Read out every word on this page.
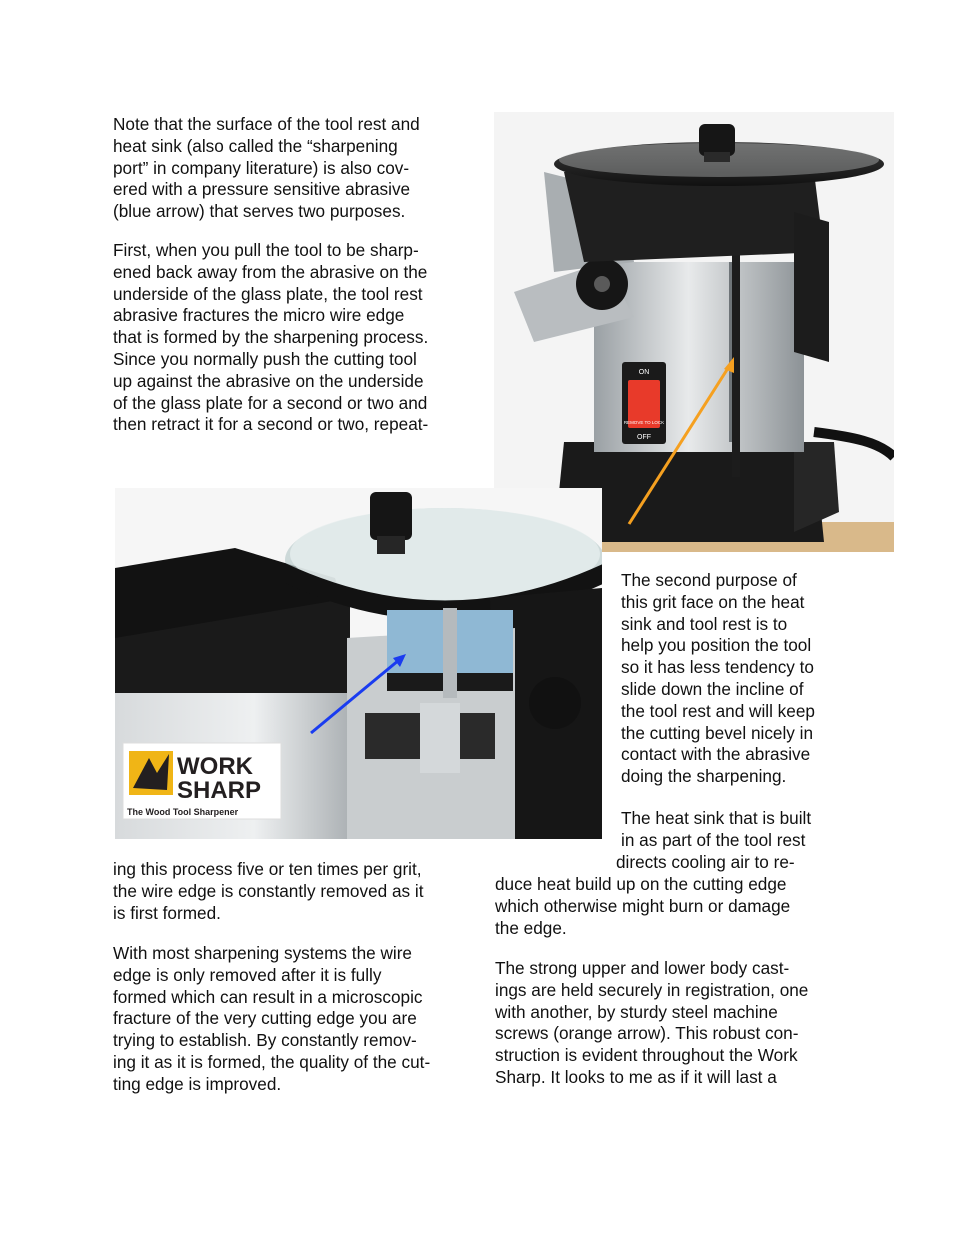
Note that the surface of the tool rest and
heat sink (also called the “sharpening
port” in company literature) is also cov-
ered with a pressure sensitive abrasive
(blue arrow) that serves two purposes.

First, when you pull the tool to be sharp-
ened back away from the abrasive on the
underside of the glass plate, the tool rest
abrasive fractures the micro wire edge
that is formed by the sharpening process.
Since you normally push the cutting tool
up against the abrasive on the underside
of the glass plate for a second or two and
then retract it for a second or two, repeat-

ON
REMOVE TO LOCK
OFF
WORK
SHARP
The Wood Tool Sharpener

The second purpose of
this grit face on the heat
sink and tool rest is to
help you position the tool
so it has less tendency to
slide down the incline of
the tool rest and will keep
the cutting bevel nicely in
contact with the abrasive
doing the sharpening.

The heat sink that is built
in as part of the tool rest

directs cooling air to re-

duce heat build up on the cutting edge
which otherwise might burn or damage
the edge.

The strong upper and lower body cast-
ings are held securely in registration, one
with another, by sturdy steel machine
screws (orange arrow). This robust con-
struction is evident throughout the Work
Sharp. It looks to me as if it will last a

ing this process five or ten times per grit,
the wire edge is constantly removed as it
is first formed.

With most sharpening systems the wire
edge is only removed after it is fully
formed which can result in a microscopic
fracture of the very cutting edge you are
trying to establish. By constantly remov-
ing it as it is formed, the quality of the cut-
ting edge is improved.
